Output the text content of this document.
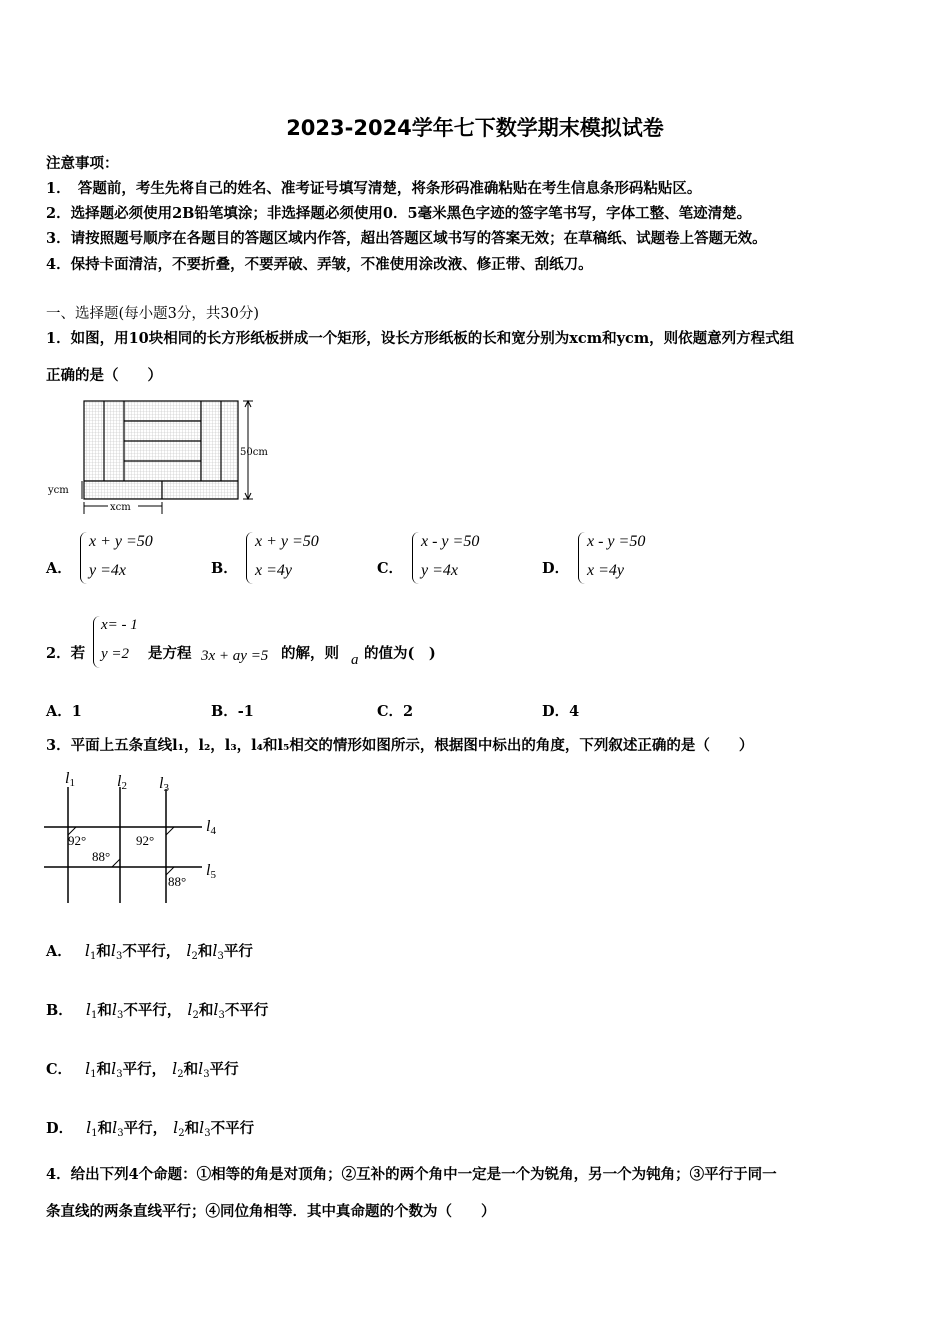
2023-2024学年七下数学期末模拟试卷
注意事项：
1．　答题前，考生先将自己的姓名、准考证号填写清楚，将条形码准确粘贴在考生信息条形码粘贴区。
2．选择题必须使用2B铅笔填涂；非选择题必须使用0．5毫米黑色字迹的签字笔书写，字体工整、笔迹清楚。
3．请按照题号顺序在各题目的答题区域内作答，超出答题区域书写的答案无效；在草稿纸、试题卷上答题无效。
4．保持卡面清洁，不要折叠，不要弄破、弄皱，不准使用涂改液、修正带、刮纸刀。
一、选择题(每小题3分，共30分)
1．如图，用10块相同的长方形纸板拼成一个矩形，设长方形纸板的长和宽分别为xcm和ycm，则依题意列方程式组
正确的是（　　）
50cm
ycm
xcm
A．
x + y =50
y =4x	B．
x + y =50
x =4y	C．
x - y =50
y =4x	D．
x - y =50
x =4y
2．若
x= - 1
y =2 是方程 3x + ay =5 的解，则 a 的值为(　)
A．1	B．-1	C．2	D．4
3．平面上五条直线l₁，l₂，l₃，l₄和l₅相交的情形如图所示，根据图中标出的角度，下列叙述正确的是（　　）
l1	l2 l3
l4
l5
92°
88°
92°
88°
A． $l_1$和$l_3$不平行， $l_2$和$l_3$平行
B． $l_1$和$l_3$不平行， $l_2$和$l_3$不平行
C． $l_1$和$l_3$平行， $l_2$和$l_3$平行
D． $l_1$和$l_3$平行， $l_2$和$l_3$不平行
4．给出下列4个命题：①相等的角是对顶角；②互补的两个角中一定是一个为锐角，另一个为钝角；③平行于同一
条直线的两条直线平行；④同位角相等．其中真命题的个数为（　　）
